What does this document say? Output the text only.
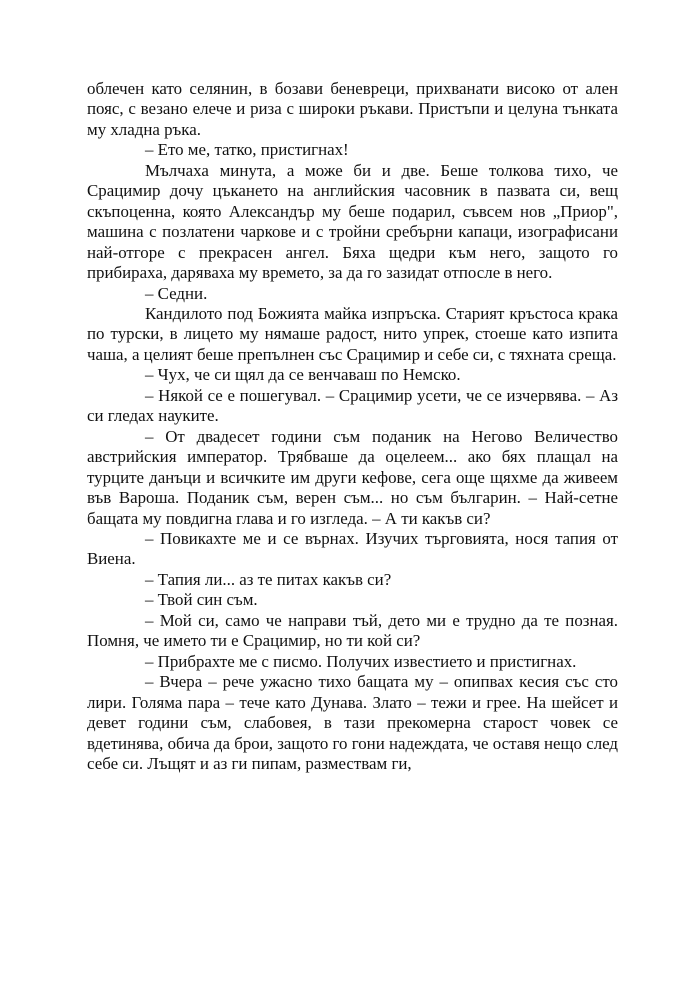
облечен като селянин, в бозави беневреци, прихванати високо от ален пояс, с везано елече и риза с широки ръкави. Пристъпи и целуна тънката му хладна ръка.

– Ето ме, татко, пристигнах!

Мълчаха минута, а може би и две. Беше толкова тихо, че Срацимир дочу цъкането на английския часовник в пазвата си, вещ скъпоценна, която Александър му беше подарил, съвсем нов „Приор", машина с позлатени чаркове и с тройни сребърни капаци, изографисани най-отгоре с прекрасен ангел. Бяха щедри към него, защото го прибираха, даряваха му времето, за да го зазидат отпосле в него.

– Седни.

Кандилото под Божията майка изпръска. Старият кръстоса крака по турски, в лицето му нямаше радост, нито упрек, стоеше като изпита чаша, а целият беше препълнен със Срацимир и себе си, с тяхната среща.

– Чух, че си щял да се венчаваш по Немско.

– Някой се е пошегувал. – Срацимир усети, че се изчервява. – Аз си гледах науките.

– От двадесет години съм поданик на Негово Величество австрийския император. Трябваше да оцелеем... ако бях плащал на турците данъци и всичките им други кефове, сега още щяхме да живеем във Вароша. Поданик съм, верен съм... но съм българин. – Най-сетне бащата му повдигна глава и го изгледа. – А ти какъв си?

– Повикахте ме и се върнах. Изучих търговията, нося тапия от Виена.

– Тапия ли... аз те питах какъв си?

– Твой син съм.

– Мой си, само че направи тъй, дето ми е трудно да те позная. Помня, че името ти е Срацимир, но ти кой си?

– Прибрахте ме с писмо. Получих известието и пристигнах.

– Вчера – рече ужасно тихо бащата му – опипвах кесия със сто лири. Голяма пара – тече като Дунава. Злато – тежи и грее. На шейсет и девет години съм, слабовея, в тази прекомерна старост човек се вдетинява, обича да брои, защото го гони надеждата, че оставя нещо след себе си. Лъщят и аз ги пипам, размествам ги,
